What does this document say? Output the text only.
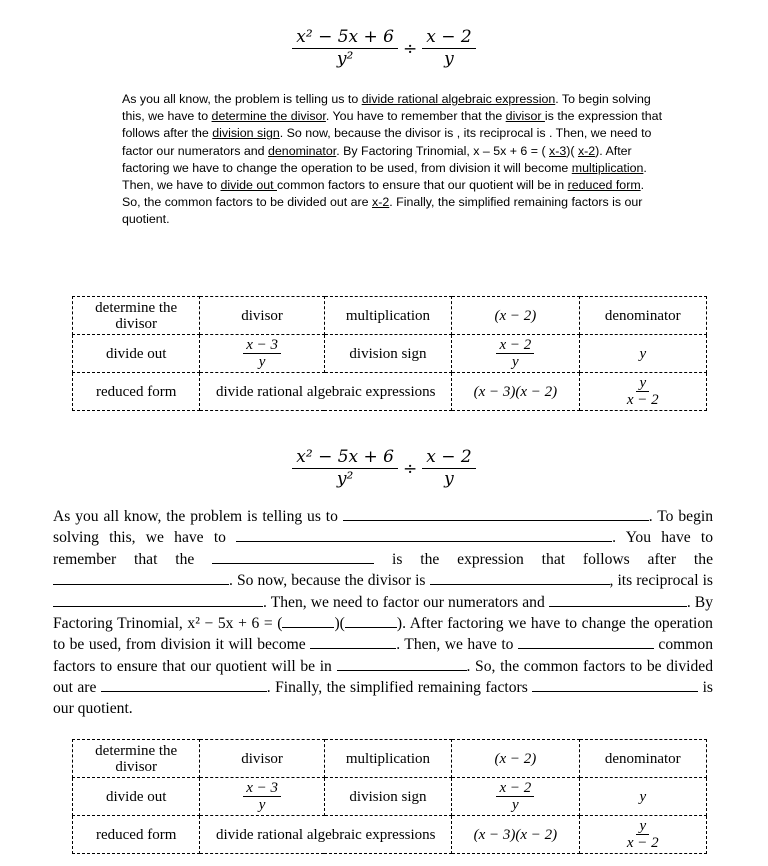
$\frac{\text{x² − 5x + 6}}{\text{y²}} \div \frac{x - 2}{y}$
As you all know, the problem is telling us to divide rational algebraic expression. To begin solving this, we have to determine the divisor. You have to remember that the divisor is the expression that follows after the division sign. So now, because the divisor is , its reciprocal is . Then, we need to factor our numerators and denominator. By Factoring Trinomial, x – 5x + 6 = ( x-3)( x-2). After factoring we have to change the operation to be used, from division it will become multiplication. Then, we have to divide out common factors to ensure that our quotient will be in reduced form. So, the common factors to be divided out are x-2. Finally, the simplified remaining factors is our quotient.
determine the divisor	divisor	multiplication	(x − 2)	denominator
divide out	$\frac{x - 3}{y}$	division sign	$\frac{x - 2}{y}$	y
reduced form	divide rational algebraic expressions		(x − 3)(x − 2)	$\frac{y}{x - 2}$
$\frac{\text{x² − 5x + 6}}{\text{y²}} \div \frac{x - 2}{y}$
As you all know, the problem is telling us to	. To begin solving this, we have to	. You have to remember that the	is the expression that follows after the . So now, because the divisor is	, its reciprocal is . Then, we need to factor our numerators and	. By Factoring Trinomial, x² − 5x + 6 = (	)(	). After factoring we have to change the operation to be used, from division it will become	. Then, we have to	common factors to ensure that our quotient will be in	. So, the common factors to be divided out are	. Finally, the simplified remaining factors	is our quotient.
determine the divisor	divisor	multiplication	(x − 2)	denominator
divide out	$\frac{x - 3}{y}$	division sign	$\frac{x - 2}{y}$	y
reduced form	divide rational algebraic expressions		(x − 3)(x − 2)	$\frac{y}{x - 2}$
